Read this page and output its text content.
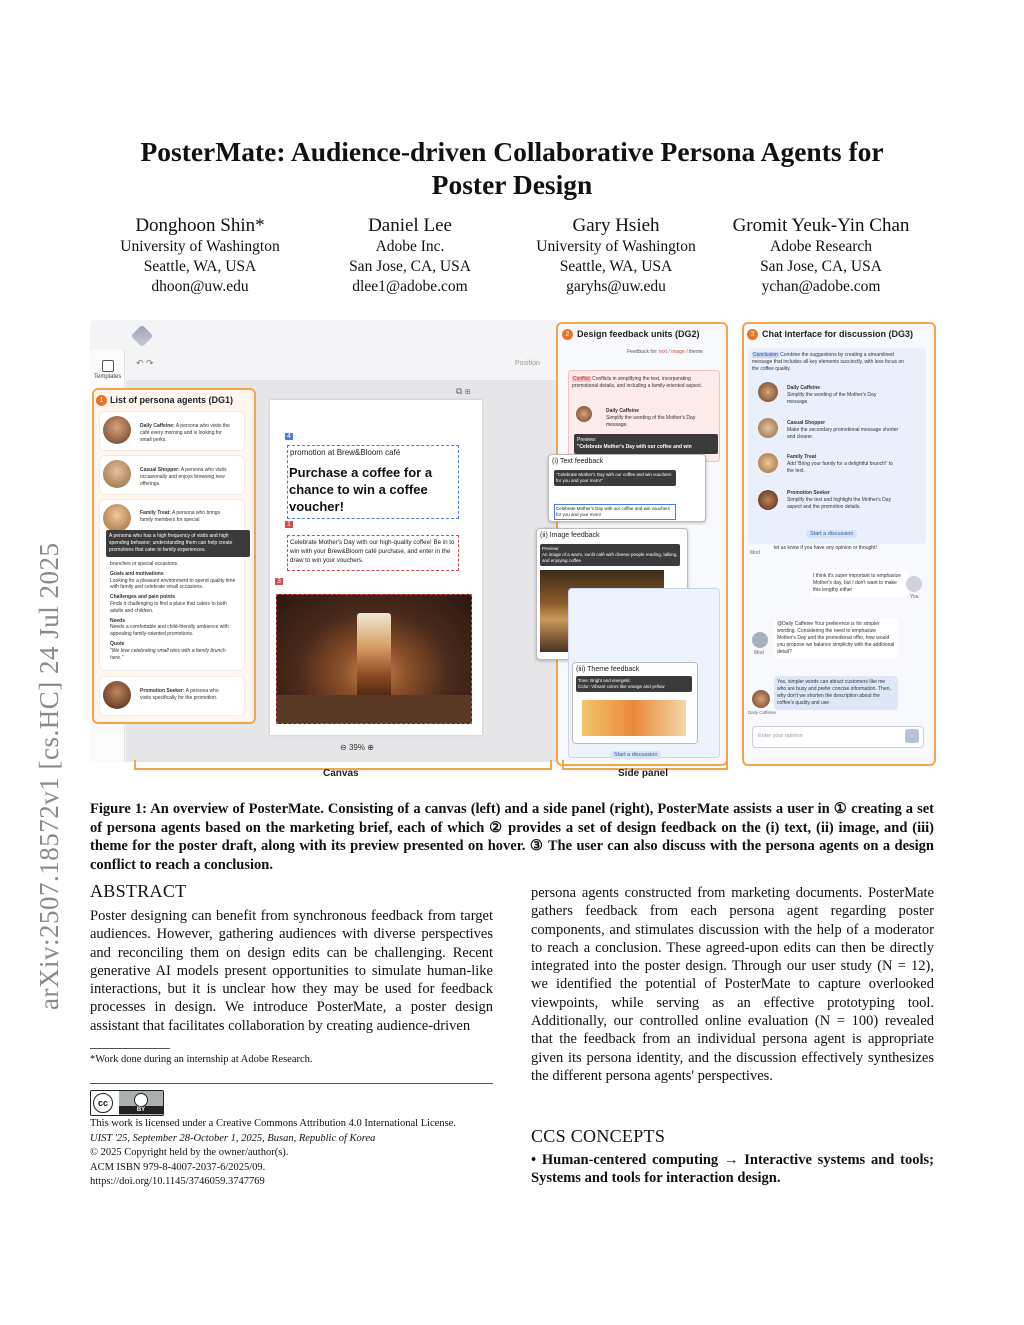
arXiv:2507.18572v1 [cs.HC] 24 Jul 2025
PosterMate: Audience-driven Collaborative Persona Agents for
Poster Design
Donghoon Shin*
University of Washington
Seattle, WA, USA
dhoon@uw.edu
Daniel Lee
Adobe Inc.
San Jose, CA, USA
dlee1@adobe.com
Gary Hsieh
University of Washington
Seattle, WA, USA
garyhs@uw.edu
Gromit Yeuk-Yin Chan
Adobe Research
San Jose, CA, USA
ychan@adobe.com
Templates
↶ ↷	Position
⧉ ⊞
4
promotion at Brew&Bloom café
Purchase a coffee for a chance to win a coffee voucher!
1
Celebrate Mother's Day with our high-quality coffee! Be in to win with your Brew&Bloom café purchase, and enter in the draw to win your vouchers.
3
⊖ 39% ⊕
1 List of persona agents (DG1)
Daily Caffeine: A persona who visits the café every morning and is looking for small perks.
Casual Shopper: A persona who visits occasionally and enjoys browsing new offerings.
Family Treat: A persona who brings family members for special
A persona who has a high frequency of visits and high spending behavior; understanding them can help create promotions that cater to family experiences.
brunches or special occasions.
Goals and motivations
Looking for a pleasant environment to spend quality time with family and celebrate small occasions.
Challenges and pain points
Finds it challenging to find a place that caters to both adults and children.
Needs
Needs a comfortable and child-friendly ambience with appealing family-oriented promotions.
Quote
"We love celebrating small wins with a family brunch here."
Promotion Seeker: A persona who visits specifically for the promotion.
2 Design feedback units (DG2)
Feedback for: text / image / theme
Conflict Conflicts in simplifying the text, incorporating promotional details, and including a family-oriented aspect.
Daily Caffeine
Simplify the wording of the Mother's Day message.
Preview:
"Celebrate Mother's Day with our coffee and win
(i) Text feedback
"Celebrate Mother's Day with our coffee and win vouchers for you and your mom!"
Celebrate Mother's Day with our coffee and win vouchers for you and your mom!
(ii) Image feedback
Preview:
An image of a warm, sunlit café with diverse people reading, talking, and enjoying coffee
(iii) Theme feedback
Tone: Bright and energetic
Color: Vibrant colors like orange and yellow
Start a discussion
3 Chat interface for discussion (DG3)
Conclusion Combine the suggestions by creating a streamlined message that includes all key elements succinctly, with less focus on the coffee quality.
Daily Caffeine
Simplify the wording of the Mother's Day message.
Casual Shopper
Make the secondary promotional message shorter and clearer.
Family Treat
Add 'Bring your family for a delightful brunch!' to the text.
Promotion Seeker
Simplify the text and highlight the Mother's Day aspect and the promotion details.
Start a discussion
Mod
let us know if you have any opinion or thought!
I think it's super important to emphasize Mother's day, but I don't want to make this lengthy either
You
Mod
@Daily Caffeine Your preference is for simpler wording. Considering the need to emphasize Mother's Day and the promotional offer, how would you propose we balance simplicity with the additional detail?
Daily Caffeine
Yes, simpler words can attract customers like me who are busy and prefer concise information. Then, why don't we shorten the description about the coffee's quality and use
Enter your opinion
Canvas	Side panel
Figure 1: An overview of PosterMate. Consisting of a canvas (left) and a side panel (right), PosterMate assists a user in ① creating a set of persona agents based on the marketing brief, each of which ② provides a set of design feedback on the (i) text, (ii) image, and (iii) theme for the poster draft, along with its preview presented on hover. ③ The user can also discuss with the persona agents on a design conflict to reach a conclusion.
ABSTRACT
Poster designing can benefit from synchronous feedback from target audiences. However, gathering audiences with diverse perspectives and reconciling them on design edits can be challenging. Recent generative AI models present opportunities to simulate human-like interactions, but it is unclear how they may be used for feedback processes in design. We introduce PosterMate, a poster design assistant that facilitates collaboration by creating audience-driven
persona agents constructed from marketing documents. PosterMate gathers feedback from each persona agent regarding poster components, and stimulates discussion with the help of a moderator to reach a conclusion. These agreed-upon edits can then be directly integrated into the poster design. Through our user study (N = 12), we identified the potential of PosterMate to capture overlooked viewpoints, while serving as an effective prototyping tool. Additionally, our controlled online evaluation (N = 100) revealed that the feedback from an individual persona agent is appropriate given its persona identity, and the discussion effectively synthesizes the different persona agents' perspectives.
*Work done during an internship at Adobe Research.
cc
BY
This work is licensed under a Creative Commons Attribution 4.0 International License.
UIST '25, September 28-October 1, 2025, Busan, Republic of Korea
© 2025 Copyright held by the owner/author(s).
ACM ISBN 979-8-4007-2037-6/2025/09.
https://doi.org/10.1145/3746059.3747769
CCS CONCEPTS
• Human-centered computing → Interactive systems and tools; Systems and tools for interaction design.
